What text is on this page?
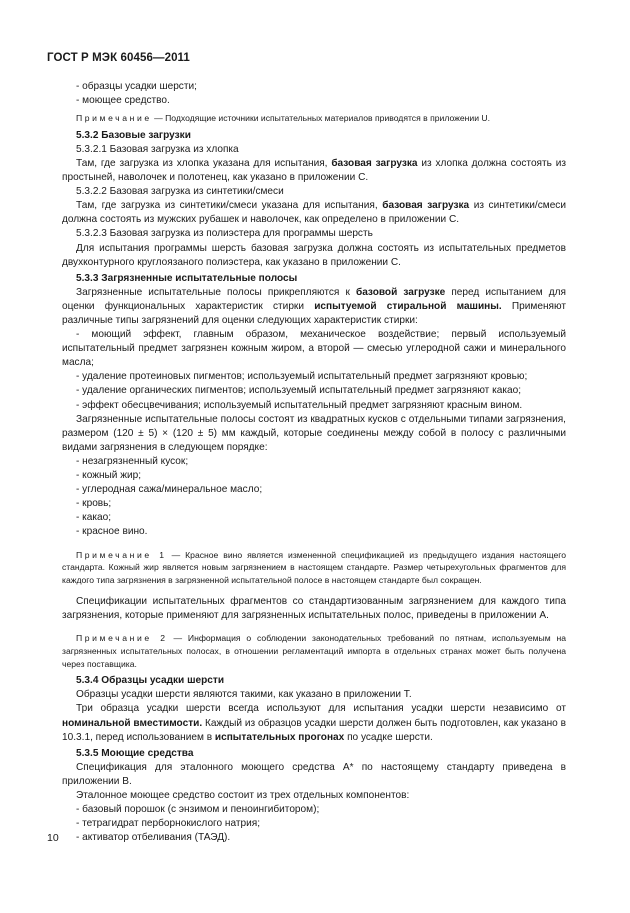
ГОСТ Р МЭК 60456—2011

- образцы усадки шерсти;

- моющее средство.

Примечание — Подходящие источники испытательных материалов приводятся в приложении U.

5.3.2 Базовые загрузки

5.3.2.1 Базовая загрузка из хлопка

Там, где загрузка из хлопка указана для испытания, базовая загрузка из хлопка должна состоять из простыней, наволочек и полотенец, как указано в приложении С.

5.3.2.2 Базовая загрузка из синтетики/смеси

Там, где загрузка из синтетики/смеси указана для испытания, базовая загрузка из синтетики/смеси должна состоять из мужских рубашек и наволочек, как определено в приложении С.

5.3.2.3 Базовая загрузка из полиэстера для программы шерсть

Для испытания программы шерсть базовая загрузка должна состоять из испытательных предметов двухконтурного круглоязаного полиэстера, как указано в приложении С.

5.3.3 Загрязненные испытательные полосы

Загрязненные испытательные полосы прикрепляются к базовой загрузке перед испытанием для оценки функциональных характеристик стирки испытуемой стиральной машины. Применяют различные типы загрязнений для оценки следующих характеристик стирки:

- моющий эффект, главным образом, механическое воздействие; первый используемый испытательный предмет загрязнен кожным жиром, а второй — смесью углеродной сажи и минерального масла;

- удаление протеиновых пигментов; используемый испытательный предмет загрязняют кровью;

- удаление органических пигментов; используемый испытательный предмет загрязняют какао;

- эффект обесцвечивания; используемый испытательный предмет загрязняют красным вином.

Загрязненные испытательные полосы состоят из квадратных кусков с отдельными типами загрязнения, размером (120 ± 5) × (120 ± 5) мм каждый, которые соединены между собой в полосу с различными видами загрязнения в следующем порядке:

- незагрязненный кусок;

- кожный жир;

- углеродная сажа/минеральное масло;

- кровь;

- какао;

- красное вино.

Примечание 1 — Красное вино является измененной спецификацией из предыдущего издания настоящего стандарта. Кожный жир является новым загрязнением в настоящем стандарте. Размер четырехугольных фрагментов для каждого типа загрязнения в загрязненной испытательной полосе в настоящем стандарте был сокращен.

Спецификации испытательных фрагментов со стандартизованным загрязнением для каждого типа загрязнения, которые применяют для загрязненных испытательных полос, приведены в приложении А.

Примечание 2 — Информация о соблюдении законодательных требований по пятнам, используемым на загрязненных испытательных полосах, в отношении регламентаций импорта в отдельных странах может быть получена через поставщика.

5.3.4 Образцы усадки шерсти

Образцы усадки шерсти являются такими, как указано в приложении Т.

Три образца усадки шерсти всегда используют для испытания усадки шерсти независимо от номинальной вместимости. Каждый из образцов усадки шерсти должен быть подготовлен, как указано в 10.3.1, перед использованием в испытательных прогонах по усадке шерсти.

5.3.5 Моющие средства

Спецификация для эталонного моющего средства А* по настоящему стандарту приведена в приложении В.

Эталонное моющее средство состоит из трех отдельных компонентов:

- базовый порошок (с энзимом и пеноингибитором);

- тетрагидрат перборнокислого натрия;

- активатор отбеливания (ТАЭД).

10
